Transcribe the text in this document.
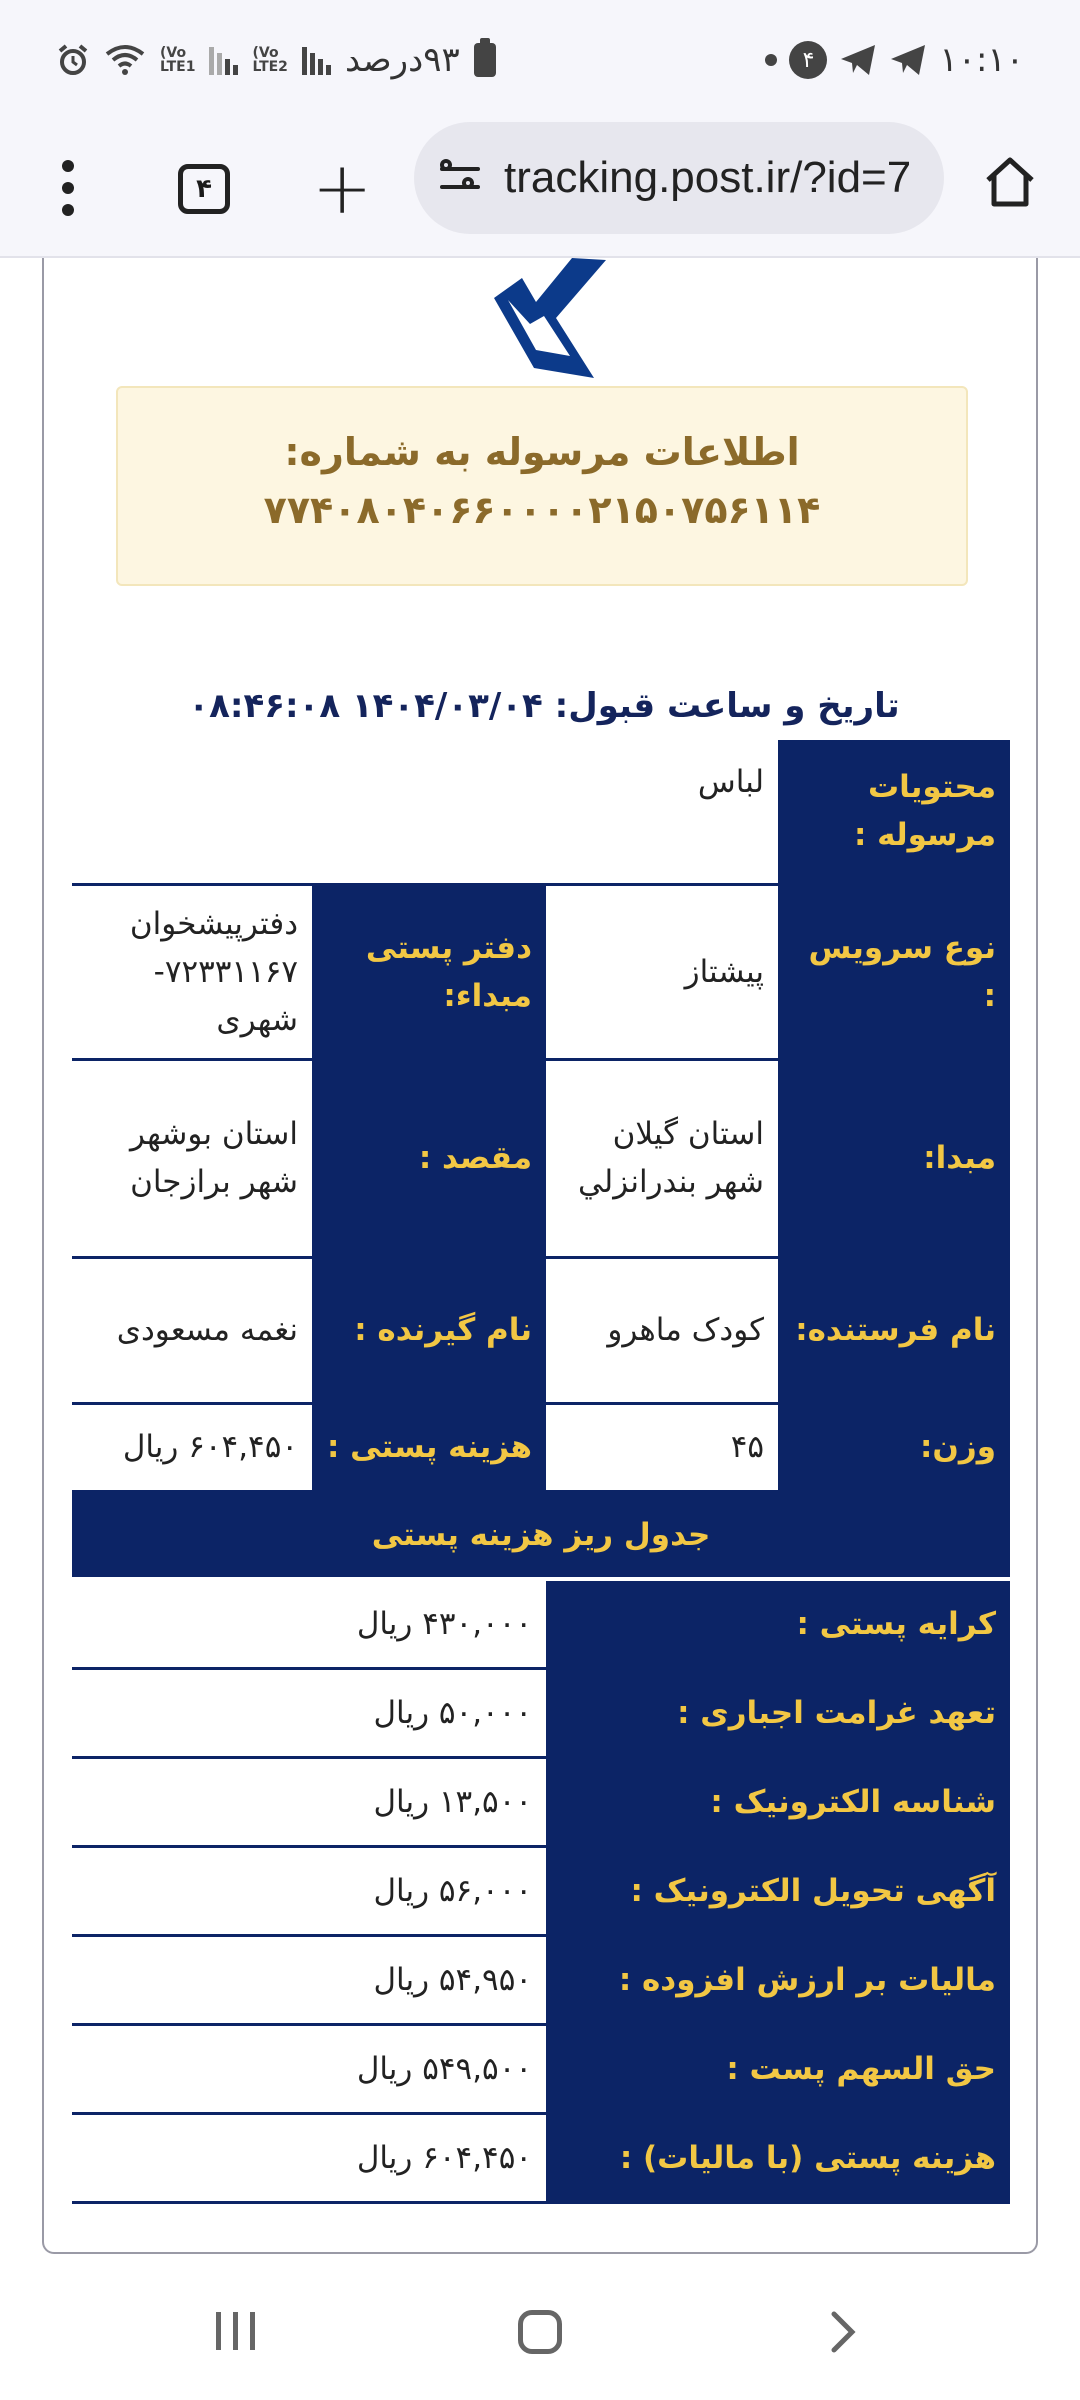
۹۳درصد
Vo)
LTE2
Vo)
LTE1	۴	۱۰:۱۰
۴ +	tracking.post.ir/?id=7
اطلاعات مرسوله به شماره:
۷۷۴۰۸۰۴۰۶۶۰۰۰۰۲۱۵۰۷۵۶۱۱۴
تاریخ و ساعت قبول: ۱۴۰۴/۰۳/۰۴ ۰۸:۴۶:۰۸
محتویات مرسوله :	لباس		
نوع سرویس :	پیشتاز	دفتر پستی مبداء:	دفترپیشخوان ۷۲۳۳۱۱۶۷-شهری
مبدا:	استان گیلان شهر بندرانزلي	مقصد :	استان بوشهر شهر برازجان
نام فرستنده:	کودک ماهرو	نام گیرنده :	نغمه مسعودی
وزن:	۴۵	هزینه پستی :	۶۰۴,۴۵۰ ریال
جدول ریز هزینه پستی			
کرایه پستی :		۴۳۰,۰۰۰ ریال	
تعهد غرامت اجباری :		۵۰,۰۰۰ ریال	
شناسه الکترونیک :		۱۳,۵۰۰ ریال	
آگهی تحویل الکترونیک :		۵۶,۰۰۰ ریال	
مالیات بر ارزش افزوده :		۵۴,۹۵۰ ریال	
حق السهم پست :		۵۴۹,۵۰۰ ریال	
هزینه پستی (با مالیات) :		۶۰۴,۴۵۰ ریال	
